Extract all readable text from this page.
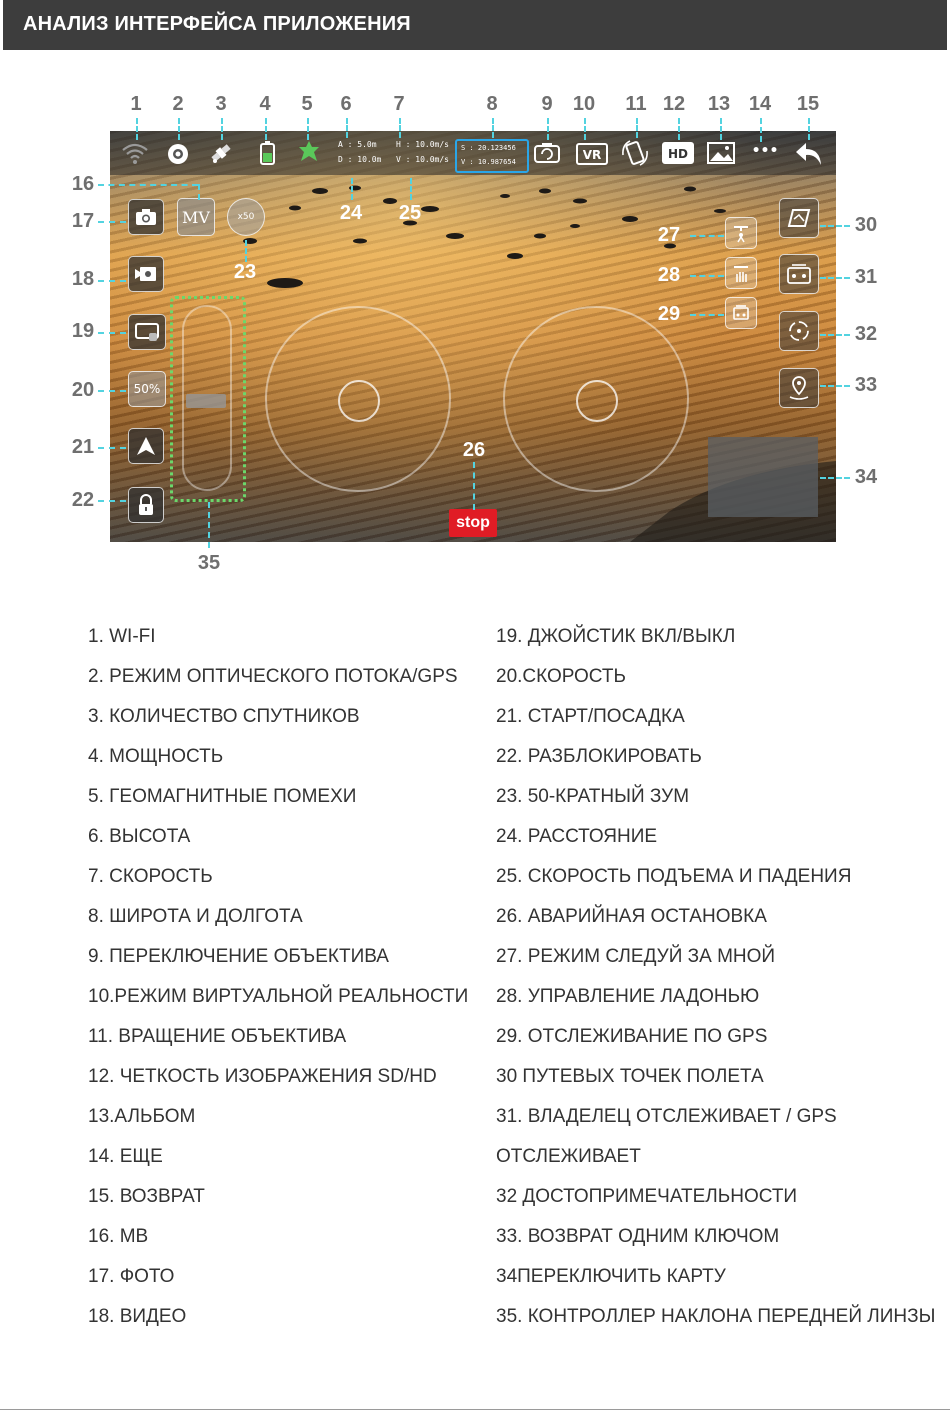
АНАЛИЗ ИНТЕРФЕЙСА ПРИЛОЖЕНИЯ
1	2	3	4	5	6	7	8	9	10 11 12 13 14 15
16
17
18
19
20
21
22
35
30
31
32
33
34
A : 5.0m
D : 10.0m
H : 10.0m/s
V : 10.0m/s
S : 20.123456
V : 10.987654	VR	HD	•••
MV	x50
50%
24 25
23
26
27
28
29
stop
1. WI-FI
2. РЕЖИМ ОПТИЧЕСКОГО ПОТОКА/GPS
3. КОЛИЧЕСТВО СПУТНИКОВ
4. МОЩНОСТЬ
5. ГЕОМАГНИТНЫЕ ПОМЕХИ
6. ВЫСОТА
7. СКОРОСТЬ
8. ШИРОТА И ДОЛГОТА
9. ПЕРЕКЛЮЧЕНИЕ ОБЪЕКТИВА
10.РЕЖИМ ВИРТУАЛЬНОЙ РЕАЛЬНОСТИ
11. ВРАЩЕНИЕ ОБЪЕКТИВА
12. ЧЕТКОСТЬ ИЗОБРАЖЕНИЯ SD/HD
13.АЛЬБОМ
14. ЕЩЕ
15. ВОЗВРАТ
16. МВ
17. ФОТО
18. ВИДЕО
19. ДЖОЙСТИК ВКЛ/ВЫКЛ
20.СКОРОСТЬ
21. СТАРТ/ПОСАДКА
22. РАЗБЛОКИРОВАТЬ
23. 50-КРАТНЫЙ ЗУМ
24. РАССТОЯНИЕ
25. СКОРОСТЬ ПОДЪЕМА И ПАДЕНИЯ
26. АВАРИЙНАЯ ОСТАНОВКА
27. РЕЖИМ СЛЕДУЙ ЗА МНОЙ
28. УПРАВЛЕНИЕ ЛАДОНЬЮ
29. ОТСЛЕЖИВАНИЕ ПО GPS
30 ПУТЕВЫХ ТОЧЕК ПОЛЕТА
31. ВЛАДЕЛЕЦ ОТСЛЕЖИВАЕТ / GPS
ОТСЛЕЖИВАЕТ
32 ДОСТОПРИМЕЧАТЕЛЬНОСТИ
33. ВОЗВРАТ ОДНИМ КЛЮЧОМ
34ПЕРЕКЛЮЧИТЬ КАРТУ
35. КОНТРОЛЛЕР НАКЛОНА ПЕРЕДНЕЙ ЛИНЗЫ
